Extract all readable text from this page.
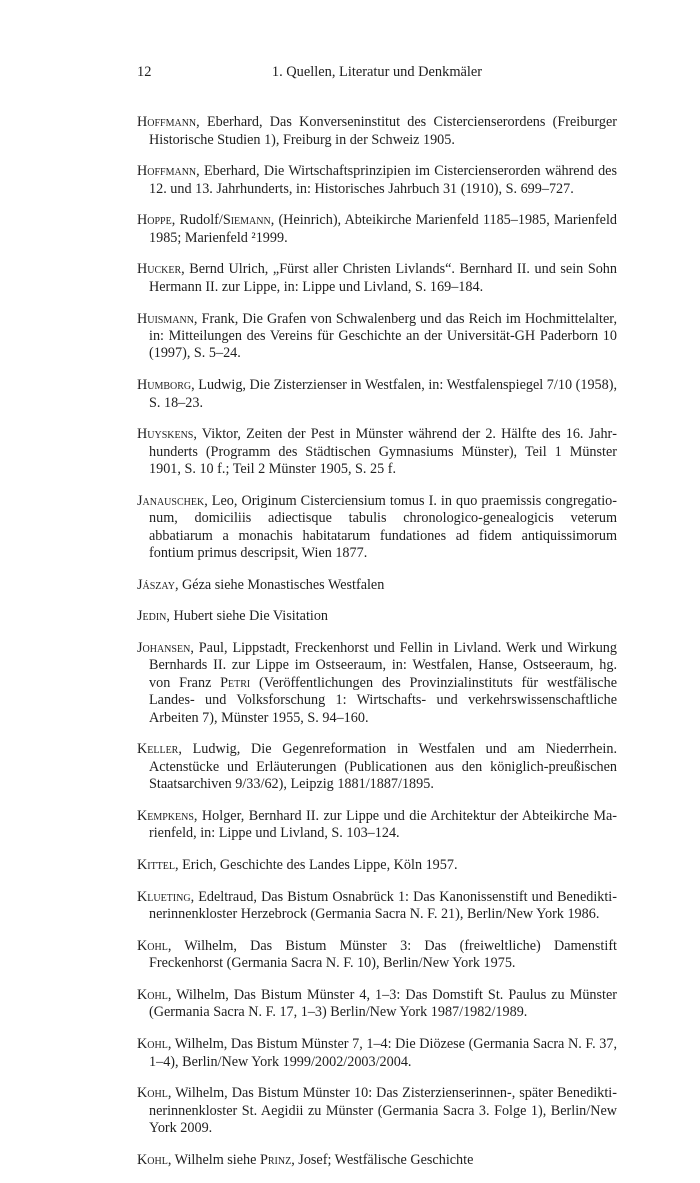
12	1. Quellen, Literatur und Denkmäler

Hoffmann, Eberhard, Das Konverseninstitut des Cistercienserordens (Freiburger Historische Studien 1), Freiburg in der Schweiz 1905.

Hoffmann, Eberhard, Die Wirtschaftsprinzipien im Cistercienserorden während des 12. und 13. Jahrhunderts, in: Historisches Jahrbuch 31 (1910), S. 699–727.

Hoppe, Rudolf/Siemann, (Heinrich), Abteikirche Marienfeld 1185–1985, Marienfeld 1985; Marienfeld ²1999.

Hucker, Bernd Ulrich, „Fürst aller Christen Livlands“. Bernhard II. und sein Sohn Hermann II. zur Lippe, in: Lippe und Livland, S. 169–184.

Huismann, Frank, Die Grafen von Schwalenberg und das Reich im Hochmittelalter, in: Mitteilungen des Vereins für Geschichte an der Universität-GH Paderborn 10 (1997), S. 5–24.

Humborg, Ludwig, Die Zisterzienser in Westfalen, in: Westfalenspiegel 7/10 (1958), S. 18–23.

Huyskens, Viktor, Zeiten der Pest in Münster während der 2. Hälfte des 16. Jahrhunderts (Programm des Städtischen Gymnasiums Münster), Teil 1 Münster 1901, S. 10 f.; Teil 2 Münster 1905, S. 25 f.

Janauschek, Leo, Originum Cisterciensium tomus I. in quo praemissis congregationum, domiciliis adiectisque tabulis chronologico-genealogicis veterum abbatiarum a monachis habitatarum fundationes ad fidem antiquissimorum fontium primus descripsit, Wien 1877.

Jászay, Géza siehe Monastisches Westfalen

Jedin, Hubert siehe Die Visitation

Johansen, Paul, Lippstadt, Freckenhorst und Fellin in Livland. Werk und Wirkung Bernhards II. zur Lippe im Ostseeraum, in: Westfalen, Hanse, Ostseeraum, hg. von Franz Petri (Veröffentlichungen des Provinzialinstituts für westfälische Landes- und Volksforschung 1: Wirtschafts- und verkehrswissenschaftliche Arbeiten 7), Münster 1955, S. 94–160.

Keller, Ludwig, Die Gegenreformation in Westfalen und am Niederrhein. Actenstücke und Erläuterungen (Publicationen aus den königlich-preußischen Staatsarchiven 9/33/62), Leipzig 1881/1887/1895.

Kempkens, Holger, Bernhard II. zur Lippe und die Architektur der Abteikirche Marienfeld, in: Lippe und Livland, S. 103–124.

Kittel, Erich, Geschichte des Landes Lippe, Köln 1957.

Klueting, Edeltraud, Das Bistum Osnabrück 1: Das Kanonissenstift und Benediktinerinnenkloster Herzebrock (Germania Sacra N. F. 21), Berlin/New York 1986.

Kohl, Wilhelm, Das Bistum Münster 3: Das (freiweltliche) Damenstift Freckenhorst (Germania Sacra N. F. 10), Berlin/New York 1975.

Kohl, Wilhelm, Das Bistum Münster 4, 1–3: Das Domstift St. Paulus zu Münster (Germania Sacra N. F. 17, 1–3) Berlin/New York 1987/1982/1989.

Kohl, Wilhelm, Das Bistum Münster 7, 1–4: Die Diözese (Germania Sacra N. F. 37, 1–4), Berlin/New York 1999/2002/2003/2004.

Kohl, Wilhelm, Das Bistum Münster 10: Das Zisterzienserinnen-, später Benediktinerinnenkloster St. Aegidii zu Münster (Germania Sacra 3. Folge 1), Berlin/New York 2009.

Kohl, Wilhelm siehe Prinz, Josef; Westfälische Geschichte
